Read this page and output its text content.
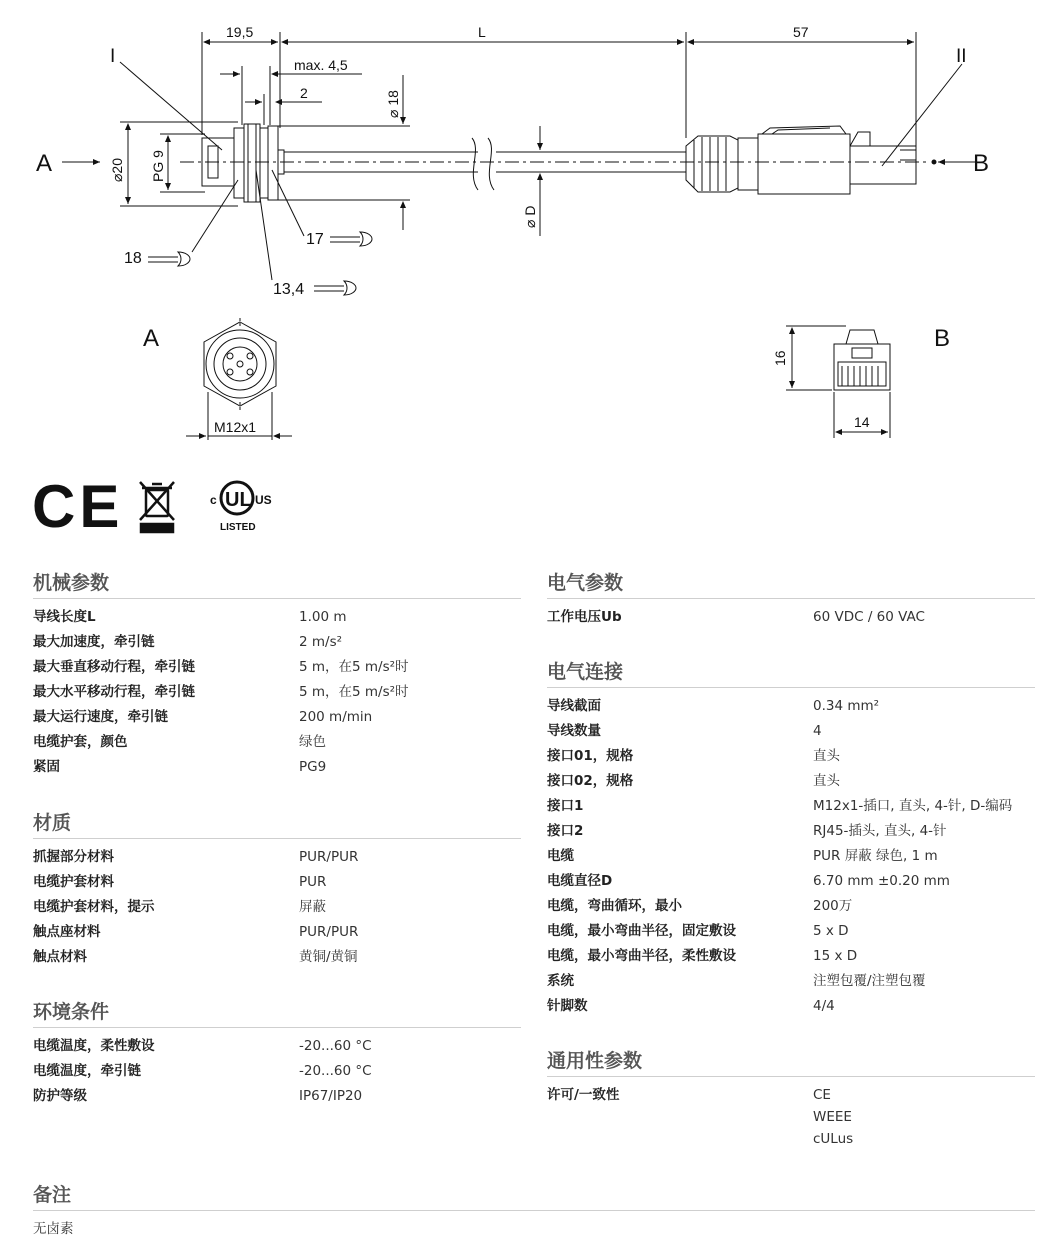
19,5	L	57
max. 4,5
2	⌀ 18
⌀20 PG 9
⌀ D
I	II
A	B
18
17
13,4
A	B
M12x1
16
14
CE	UL
c	US
LISTED
机械参数
导线长度L	1.00 m
最大加速度，牵引链	2 m/s²
最大垂直移动行程，牵引链	5 m，在5 m/s²时
最大水平移动行程，牵引链	5 m，在5 m/s²时
最大运行速度，牵引链	200 m/min
电缆护套，颜色	绿色
紧固	PG9
材质
抓握部分材料	PUR/PUR
电缆护套材料	PUR
电缆护套材料，提示	屏蔽
触点座材料	PUR/PUR
触点材料	黄铜/黄铜
环境条件
电缆温度，柔性敷设	-20...60 °C
电缆温度，牵引链	-20...60 °C
防护等级	IP67/IP20
电气参数
工作电压Ub	60 VDC / 60 VAC
电气连接
导线截面	0.34 mm²
导线数量	4
接口01，规格	直头
接口02，规格	直头
接口1	M12x1-插口, 直头, 4-针, D-编码
接口2	RJ45-插头, 直头, 4-针
电缆	PUR 屏蔽 绿色, 1 m
电缆直径D	6.70 mm ±0.20 mm
电缆，弯曲循环，最小	200万
电缆，最小弯曲半径，固定敷设	5 x D
电缆，最小弯曲半径，柔性敷设	15 x D
系统	注塑包覆/注塑包覆
针脚数	4/4
通用性参数
许可/一致性	CE
WEEE
cULus
备注
无卤素
